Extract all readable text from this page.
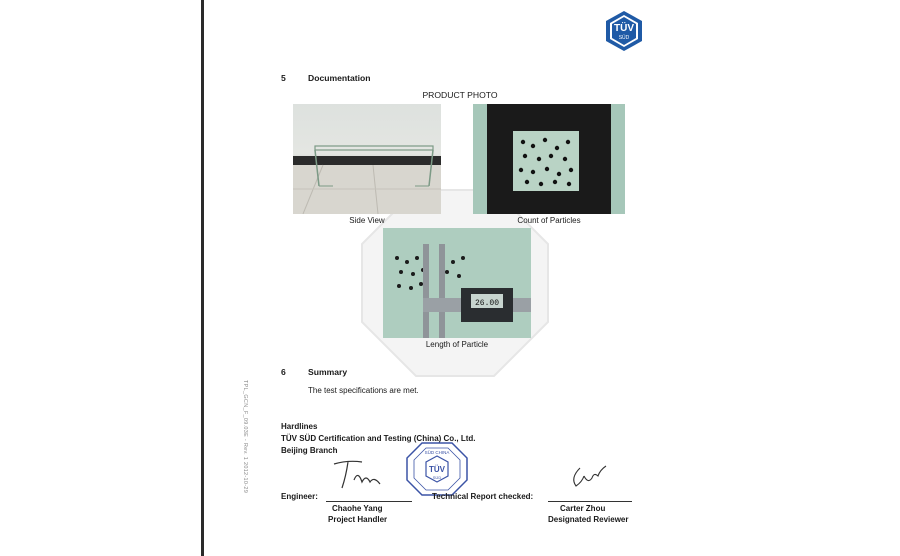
TÜV
SÜD
5	Documentation
PRODUCT PHOTO
Side View	Count of Particles
26.00
Length of Particle
6	Summary
The test specifications are met.
Hardlines
TÜV SÜD Certification and Testing (China) Co., Ltd.
Beijing Branch
TPL_GCN_F_09.03E - Rev. 1 2012-10-29
Engineer:
Chaohe Yang
Project Handler
SÜD CHINA
TÜV
SÜD
Technical Report checked:
Carter Zhou
Designated Reviewer
